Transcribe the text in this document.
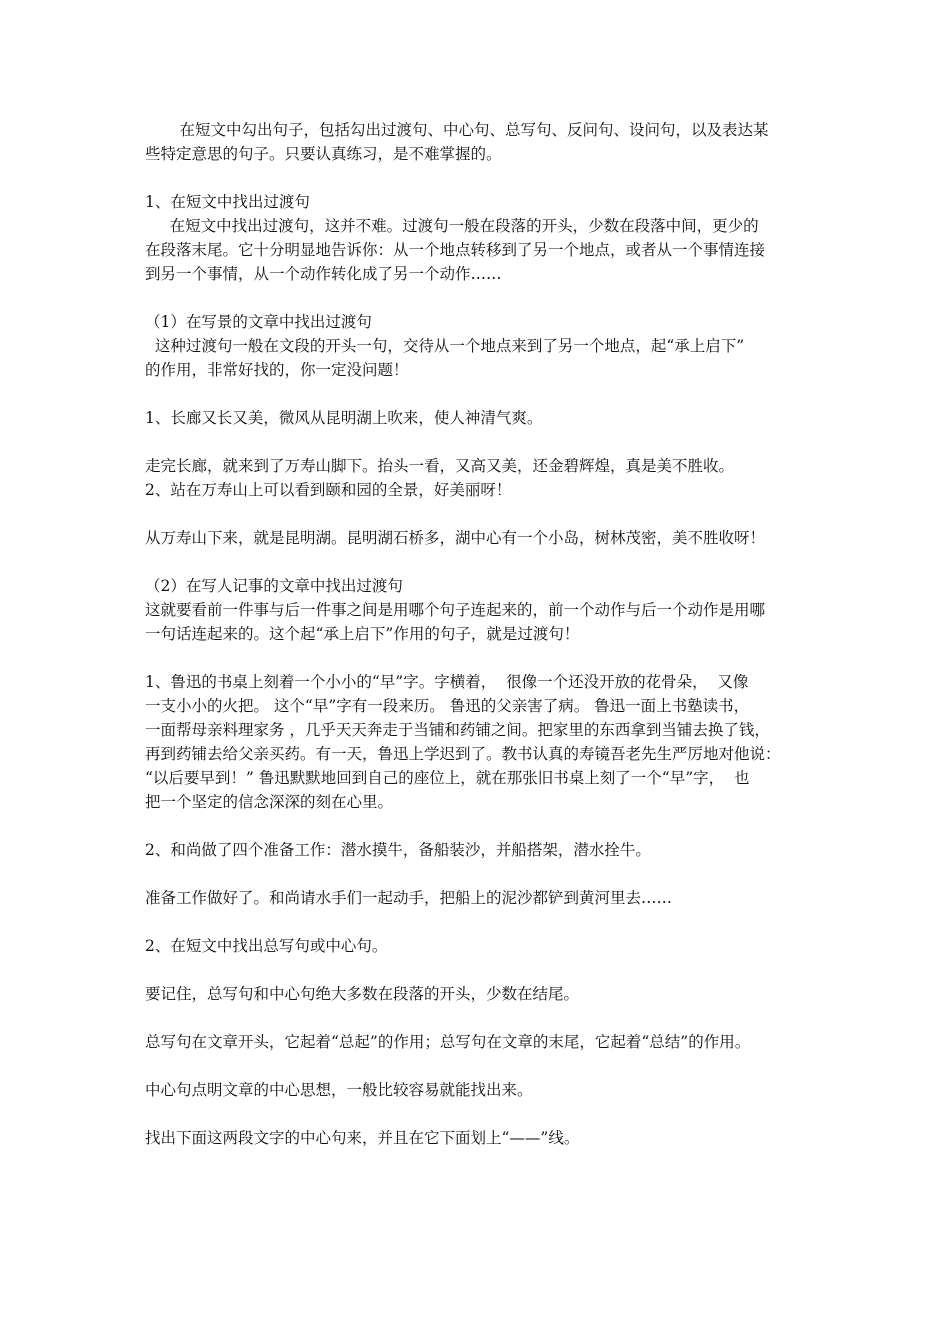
在短文中勾出句子，包括勾出过渡句、中心句、总写句、反问句、设问句，以及表达某
些特定意思的句子。只要认真练习，是不难掌握的。
1、在短文中找出过渡句
在短文中找出过渡句，这并不难。过渡句一般在段落的开头，少数在段落中间，更少的
在段落末尾。它十分明显地告诉你：从一个地点转移到了另一个地点，或者从一个事情连接
到另一个事情，从一个动作转化成了另一个动作……
（1）在写景的文章中找出过渡句
这种过渡句一般在文段的开头一句，交待从一个地点来到了另一个地点，起“承上启下”
的作用，非常好找的，你一定没问题！
1、长廊又长又美，微风从昆明湖上吹来，使人神清气爽。
走完长廊，就来到了万寿山脚下。抬头一看，又高又美，还金碧辉煌，真是美不胜收。
2、站在万寿山上可以看到颐和园的全景，好美丽呀！
从万寿山下来，就是昆明湖。昆明湖石桥多，湖中心有一个小岛，树林茂密，美不胜收呀！
（2）在写人记事的文章中找出过渡句
这就要看前一件事与后一件事之间是用哪个句子连起来的，前一个动作与后一个动作是用哪
一句话连起来的。这个起“承上启下”作用的句子，就是过渡句！
1、鲁迅的书桌上刻着一个小小的“早”字。字横着，  很像一个还没开放的花骨朵，  又像
一支小小的火把。 这个“早”字有一段来历。 鲁迅的父亲害了病。 鲁迅一面上书塾读书，
一面帮母亲料理家务 ，几乎天天奔走于当铺和药铺之间。把家里的东西拿到当铺去换了钱，
再到药铺去给父亲买药。有一天，鲁迅上学迟到了。教书认真的寿镜吾老先生严厉地对他说：
“以后要早到！” 鲁迅默默地回到自己的座位上，就在那张旧书桌上刻了一个“早”字，  也
把一个坚定的信念深深的刻在心里。
2、和尚做了四个准备工作：潜水摸牛，备船装沙，并船搭架，潜水拴牛。
准备工作做好了。和尚请水手们一起动手，把船上的泥沙都铲到黄河里去……
2、在短文中找出总写句或中心句。
要记住，总写句和中心句绝大多数在段落的开头，少数在结尾。
总写句在文章开头，它起着“总起”的作用；总写句在文章的末尾，它起着“总结”的作用。
中心句点明文章的中心思想，一般比较容易就能找出来。
找出下面这两段文字的中心句来，并且在它下面划上“——”线。
